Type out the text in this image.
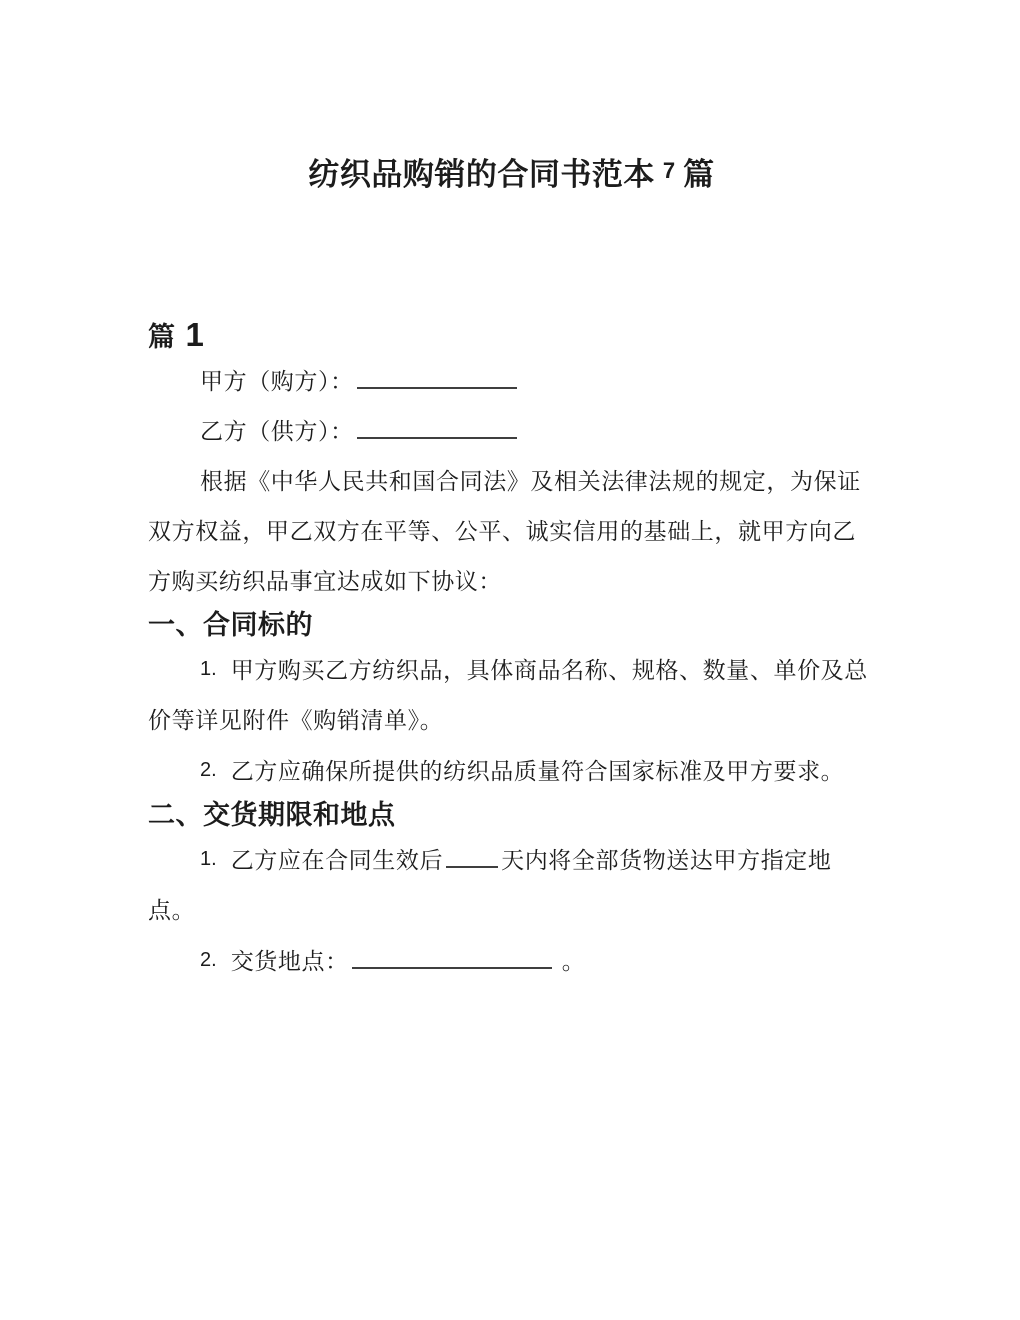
纺织品购销的合同书范本 $^7$ 篇
篇 1

甲方（购方）：

乙方（供方）：

根据《中华人民共和国合同法》及相关法律法规的规定，为保证双方权益，甲乙双方在平等、公平、诚实信用的基础上，就甲方向乙方购买纺织品事宜达成如下协议：

一、合同标的

1. 甲方购买乙方纺织品，具体商品名称、规格、数量、单价及总价等详见附件《购销清单》。

2. 乙方应确保所提供的纺织品质量符合国家标准及甲方要求。

二、交货期限和地点

1. 乙方应在合同生效后	天内将全部货物送达甲方指定地点。

2. 交货地点：	。
